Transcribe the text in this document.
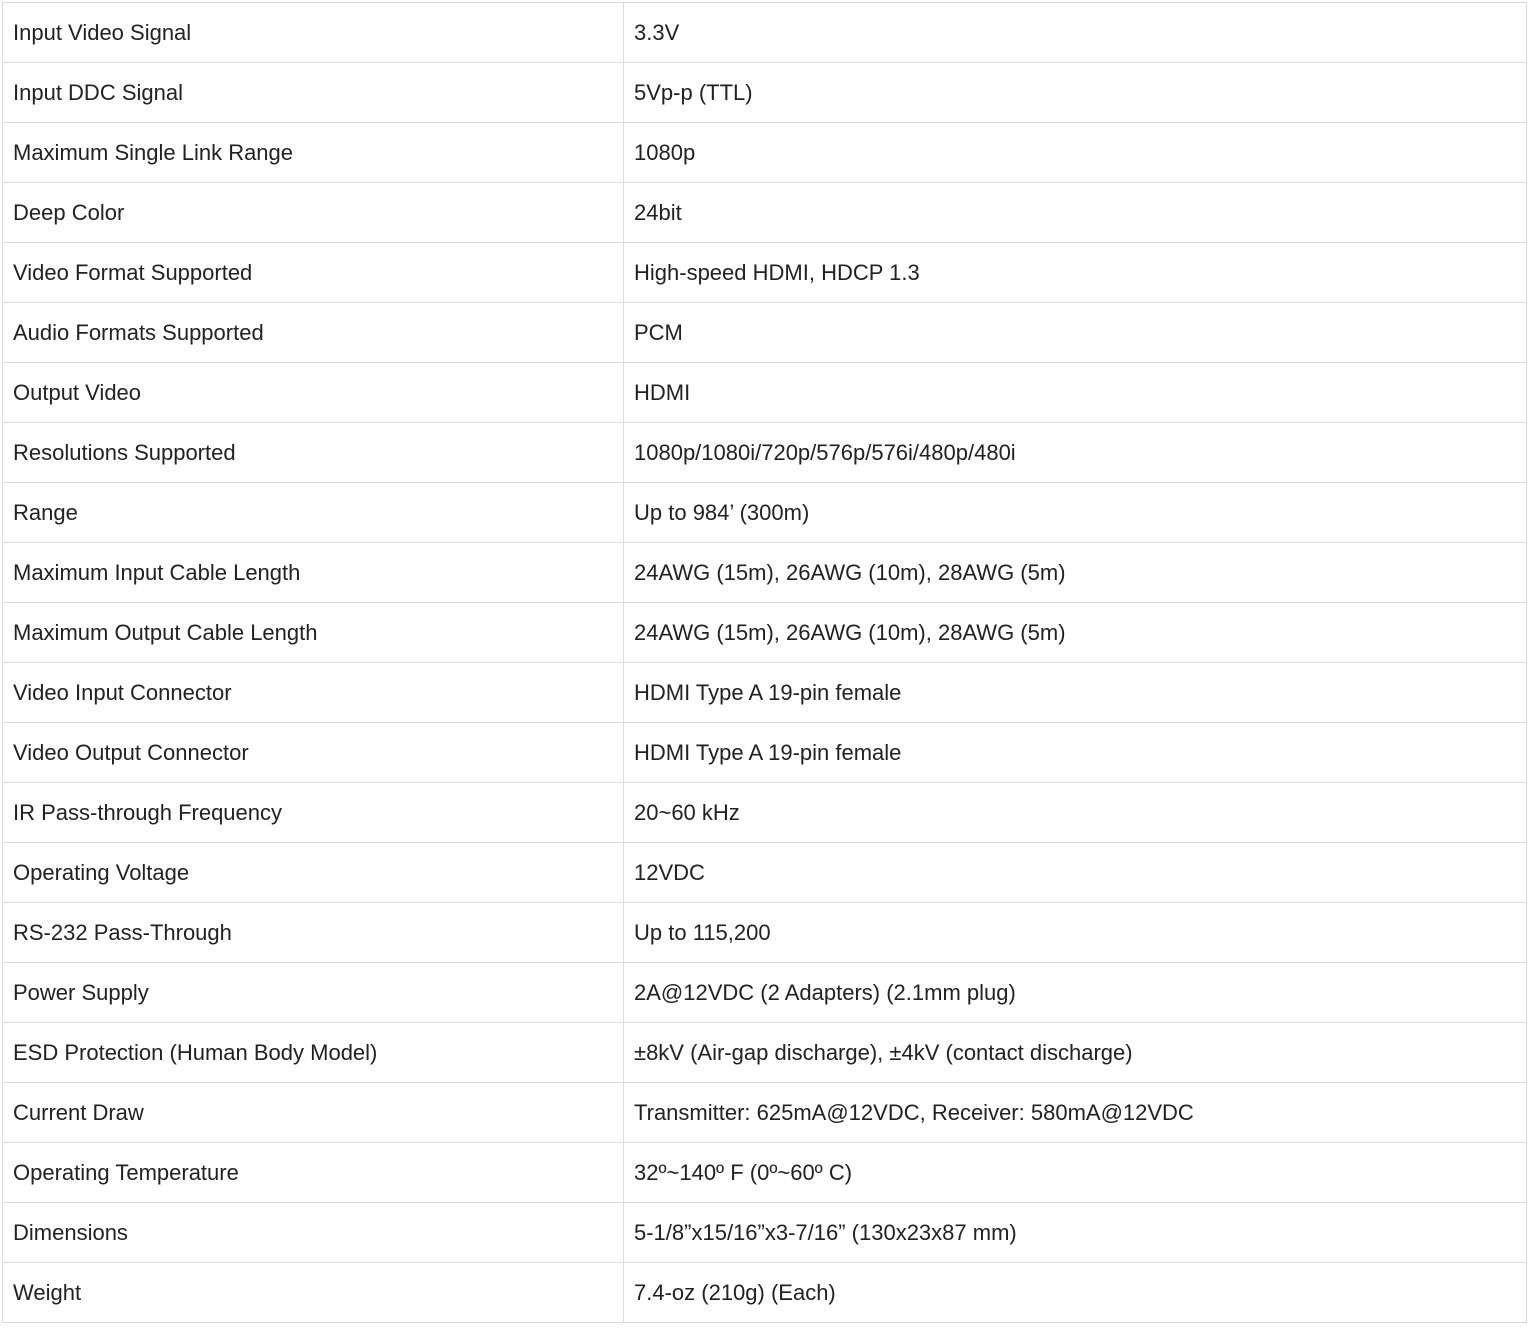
Input Video Signal	3.3V
Input DDC Signal	5Vp-p (TTL)
Maximum Single Link Range	1080p
Deep Color	24bit
Video Format Supported	High-speed HDMI, HDCP 1.3
Audio Formats Supported	PCM
Output Video	HDMI
Resolutions Supported	1080p/1080i/720p/576p/576i/480p/480i
Range	Up to 984’ (300m)
Maximum Input Cable Length	24AWG (15m), 26AWG (10m), 28AWG (5m)
Maximum Output Cable Length	24AWG (15m), 26AWG (10m), 28AWG (5m)
Video Input Connector	HDMI Type A 19-pin female
Video Output Connector	HDMI Type A 19-pin female
IR Pass-through Frequency	20~60 kHz
Operating Voltage	12VDC
RS-232 Pass-Through	Up to 115,200
Power Supply	2A@12VDC (2 Adapters) (2.1mm plug)
ESD Protection (Human Body Model)	±8kV (Air-gap discharge), ±4kV (contact discharge)
Current Draw	Transmitter: 625mA@12VDC, Receiver: 580mA@12VDC
Operating Temperature	32º~140º F (0º~60º C)
Dimensions	5-1/8”x15/16”x3-7/16” (130x23x87 mm)
Weight	7.4-oz (210g) (Each)
